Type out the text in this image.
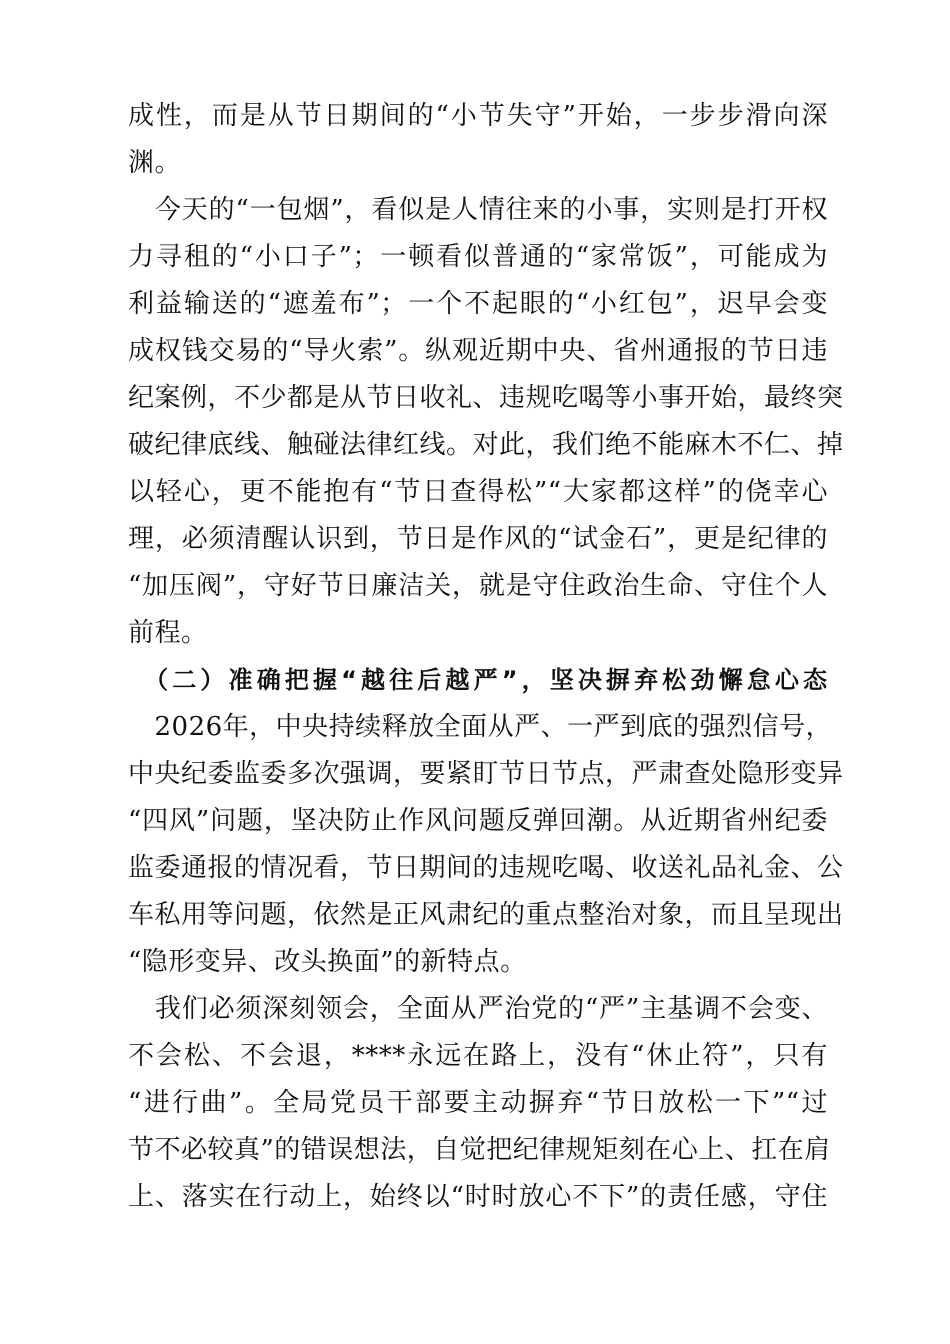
成性，而是从节日期间的“小节失守”开始，一步步滑向深
渊。
　今天的“一包烟”，看似是人情往来的小事，实则是打开权
力寻租的“小口子”；一顿看似普通的“家常饭”，可能成为
利益输送的“遮羞布”；一个不起眼的“小红包”，迟早会变
成权钱交易的“导火索”。纵观近期中央、省州通报的节日违
纪案例，不少都是从节日收礼、违规吃喝等小事开始，最终突
破纪律底线、触碰法律红线。对此，我们绝不能麻木不仁、掉
以轻心，更不能抱有“节日查得松”“大家都这样”的侥幸心
理，必须清醒认识到，节日是作风的“试金石”，更是纪律的
“加压阀”，守好节日廉洁关，就是守住政治生命、守住个人
前程。
　（二）准确把握“越往后越严”，坚决摒弃松劲懈怠心态
　2026年，中央持续释放全面从严、一严到底的强烈信号，
中央纪委监委多次强调，要紧盯节日节点，严肃查处隐形变异
“四风”问题，坚决防止作风问题反弹回潮。从近期省州纪委
监委通报的情况看，节日期间的违规吃喝、收送礼品礼金、公
车私用等问题，依然是正风肃纪的重点整治对象，而且呈现出
“隐形变异、改头换面”的新特点。
　我们必须深刻领会，全面从严治党的“严”主基调不会变、
不会松、不会退，****永远在路上，没有“休止符”，只有
“进行曲”。全局党员干部要主动摒弃“节日放松一下”“过
节不必较真”的错误想法，自觉把纪律规矩刻在心上、扛在肩
上、落实在行动上，始终以“时时放心不下”的责任感，守住
